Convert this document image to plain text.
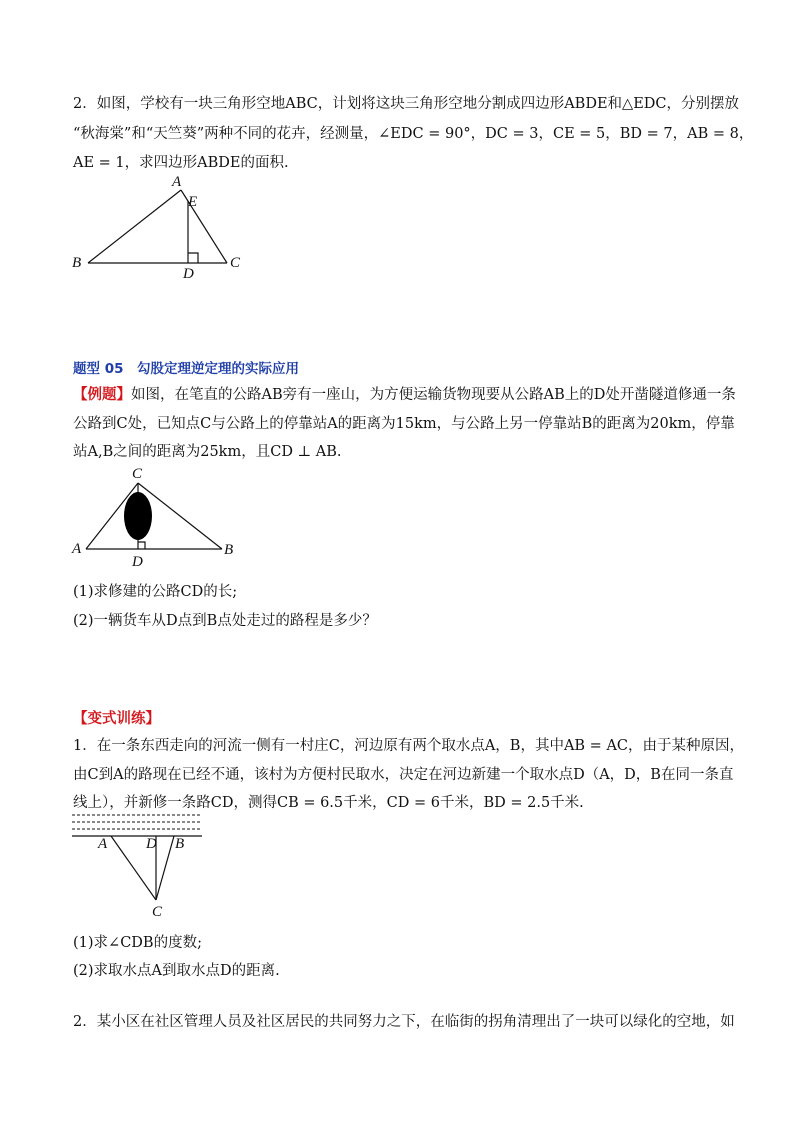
2．如图，学校有一块三角形空地ABC，计划将这块三角形空地分割成四边形ABDE和△EDC，分别摆放
“秋海棠”和“天竺葵”两种不同的花卉，经测量，∠EDC = 90°，DC = 3，CE = 5，BD = 7，AB = 8，
AE = 1，求四边形ABDE的面积.
A
E
B
D
C
题型 05　勾股定理逆定理的实际应用
【例题】如图，在笔直的公路AB旁有一座山，为方便运输货物现要从公路AB上的D处开凿隧道修通一条
公路到C处，已知点C与公路上的停靠站A的距离为15km，与公路上另一停靠站B的距离为20km，停靠
站A,B之间的距离为25km，且CD ⊥ AB.
C
A
D
B
(1)求修建的公路CD的长;
(2)一辆货车从D点到B点处走过的路程是多少？
【变式训练】
1．在一条东西走向的河流一侧有一村庄C，河边原有两个取水点A，B，其中AB = AC，由于某种原因，
由C到A的路现在已经不通，该村为方便村民取水，决定在河边新建一个取水点D（A，D，B在同一条直
线上），并新修一条路CD，测得CB = 6.5千米，CD = 6千米，BD = 2.5千米.
A	D B
C
(1)求∠CDB的度数;
(2)求取水点A到取水点D的距离.
2．某小区在社区管理人员及社区居民的共同努力之下，在临街的拐角清理出了一块可以绿化的空地，如
